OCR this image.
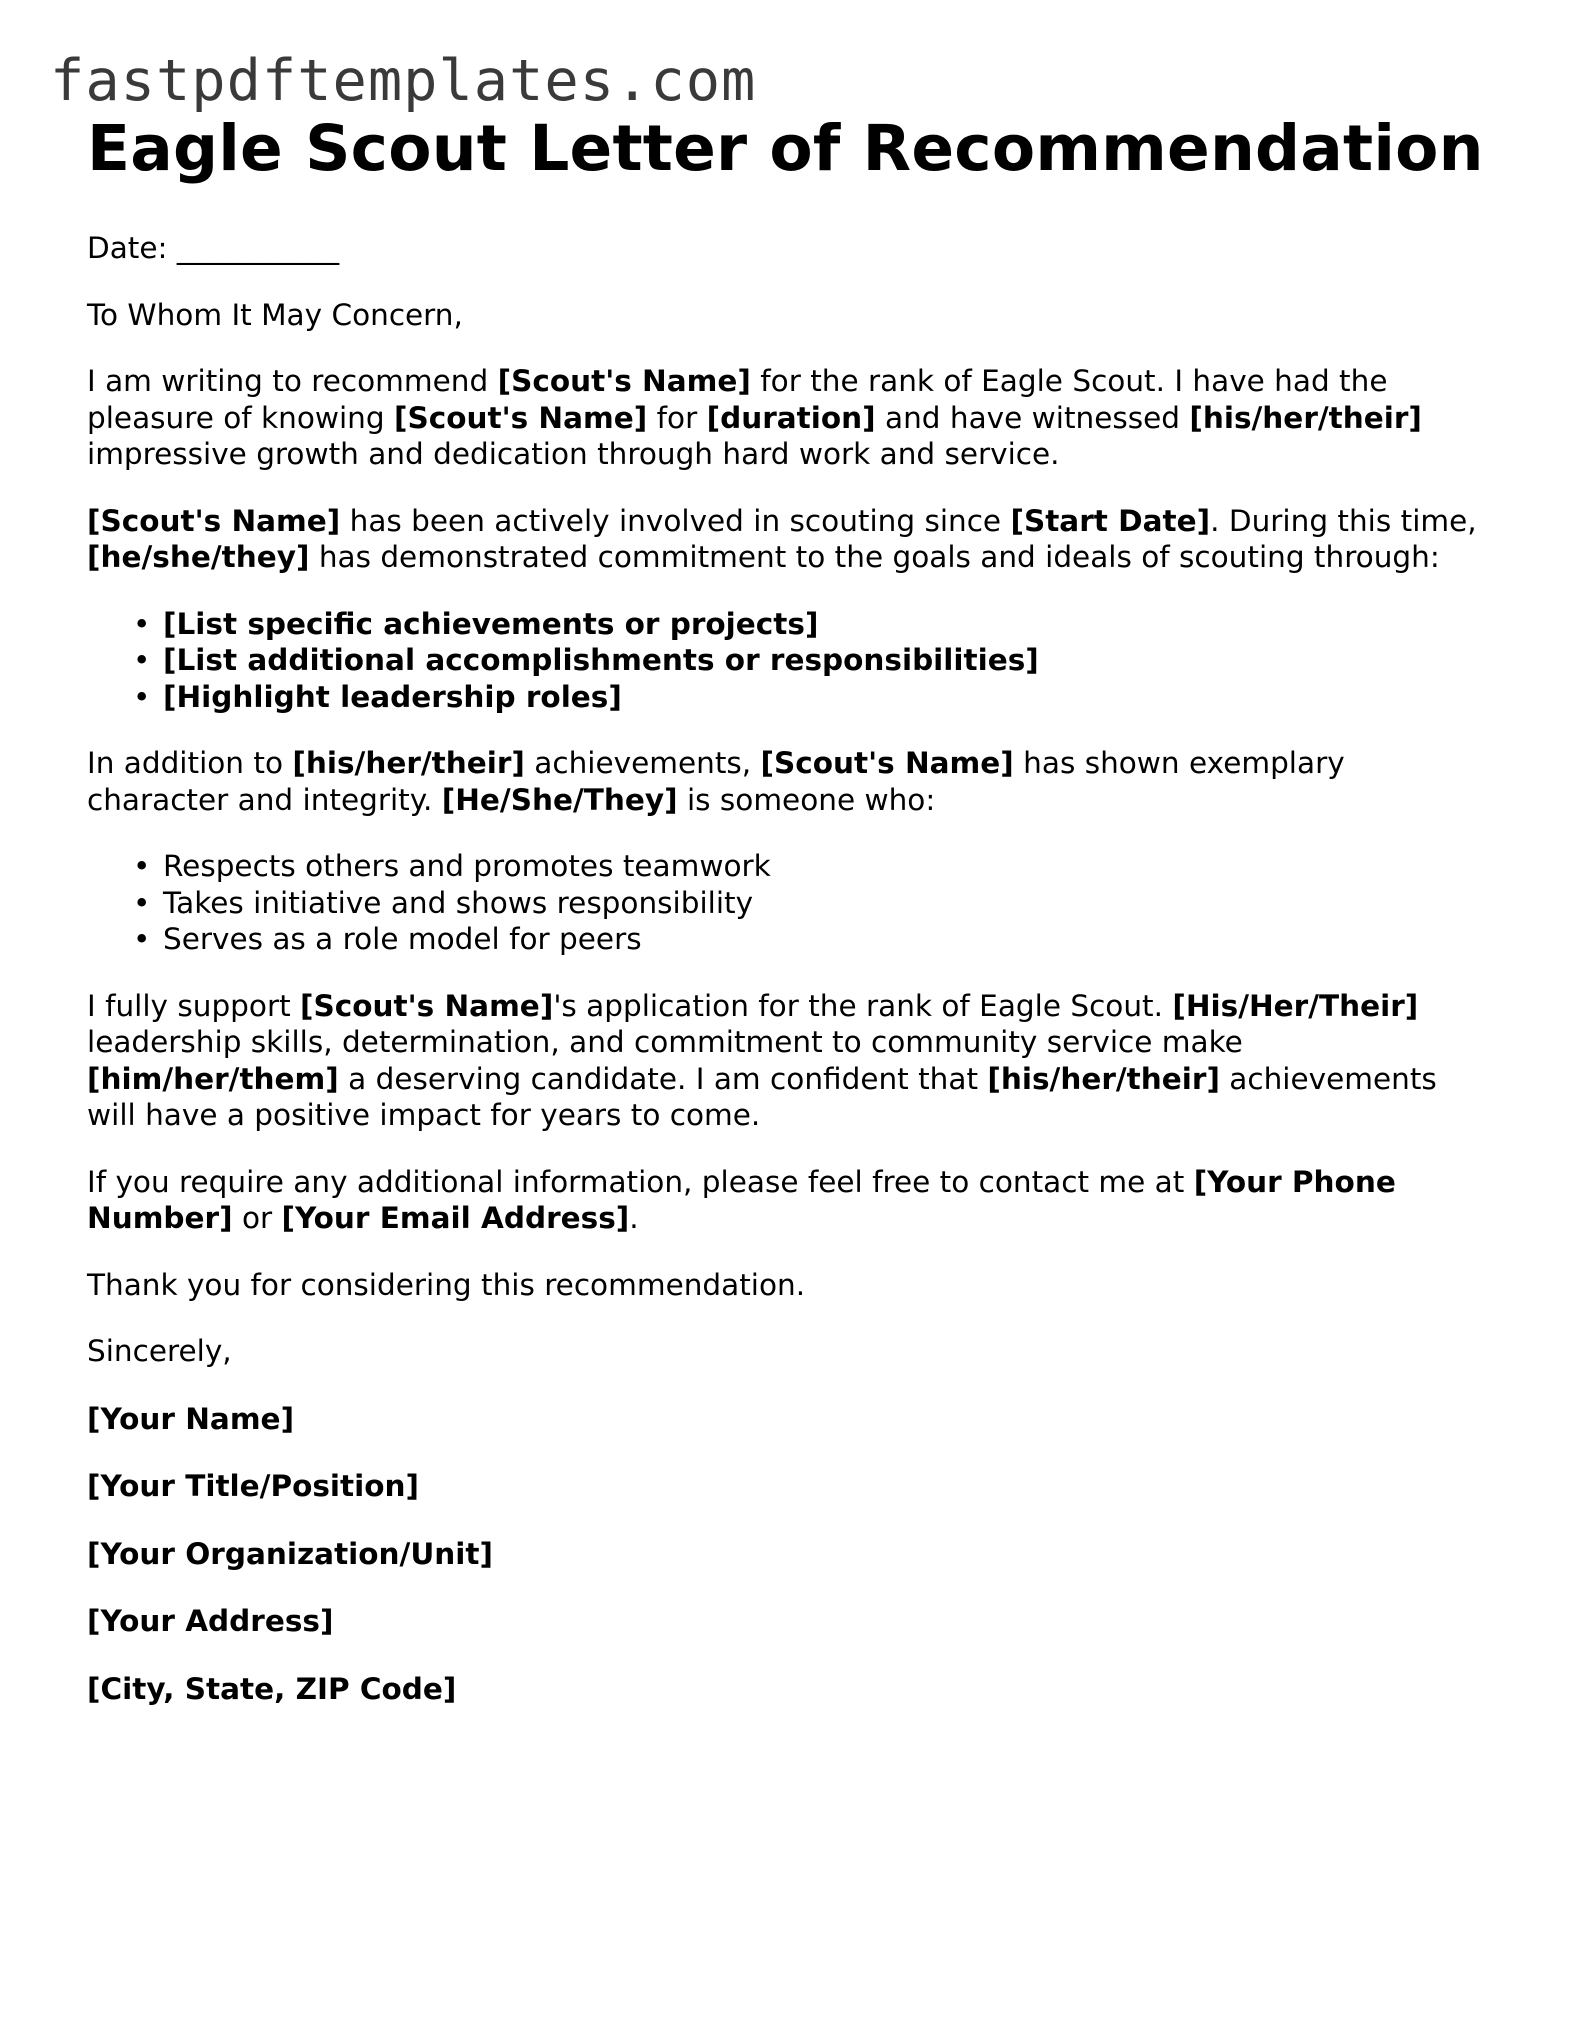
fastpdftemplates.com
Eagle Scout Letter of Recommendation

Date: ___________

To Whom It May Concern,

I am writing to recommend [Scout's Name] for the rank of Eagle Scout. I have had the pleasure of knowing [Scout's Name] for [duration] and have witnessed [his/her/their] impressive growth and dedication through hard work and service.

[Scout's Name] has been actively involved in scouting since [Start Date]. During this time, [he/she/they] has demonstrated commitment to the goals and ideals of scouting through:

• [List specific achievements or projects]
• [List additional accomplishments or responsibilities]
• [Highlight leadership roles]

In addition to [his/her/their] achievements, [Scout's Name] has shown exemplary character and integrity. [He/She/They] is someone who:

• Respects others and promotes teamwork
• Takes initiative and shows responsibility
• Serves as a role model for peers

I fully support [Scout's Name]'s application for the rank of Eagle Scout. [His/Her/Their] leadership skills, determination, and commitment to community service make [him/her/them] a deserving candidate. I am confident that [his/her/their] achievements will have a positive impact for years to come.

If you require any additional information, please feel free to contact me at [Your Phone Number] or [Your Email Address].

Thank you for considering this recommendation.

Sincerely,

[Your Name]

[Your Title/Position]

[Your Organization/Unit]

[Your Address]

[City, State, ZIP Code]
